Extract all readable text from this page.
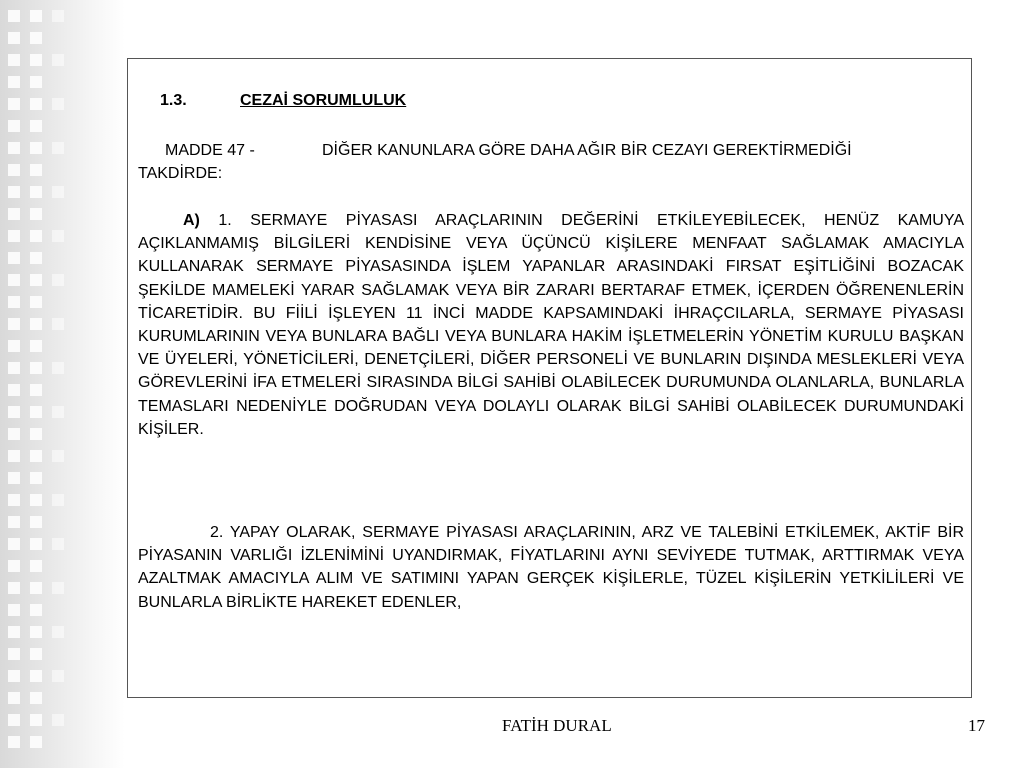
1.3.	CEZAİ SORUMLULUK
MADDE 47 -	DİĞER KANUNLARA GÖRE DAHA AĞIR BİR CEZAYI GEREKTİRMEDİĞİ
TAKDİRDE:
A) 1. SERMAYE PİYASASI ARAÇLARININ DEĞERİNİ ETKİLEYEBİLECEK, HENÜZ KAMUYA AÇIKLANMAMIŞ BİLGİLERİ KENDİSİNE VEYA ÜÇÜNCÜ KİŞİLERE MENFAAT SAĞLAMAK AMACIYLA KULLANARAK SERMAYE PİYASASINDA İŞLEM YAPANLAR ARASINDAKİ FIRSAT EŞİTLİĞİNİ BOZACAK ŞEKİLDE MAMELEKİ YARAR SAĞLAMAK VEYA BİR ZARARI BERTARAF ETMEK, İÇERDEN ÖĞRENENLERİN TİCARETİDİR. BU FİİLİ İŞLEYEN 11 İNCİ MADDE KAPSAMINDAKİ İHRAÇCILARLA, SERMAYE PİYASASI KURUMLARININ VEYA BUNLARA BAĞLI VEYA BUNLARA HAKİM İŞLETMELERİN YÖNETİM KURULU BAŞKAN VE ÜYELERİ, YÖNETİCİLERİ, DENETÇİLERİ, DİĞER PERSONELİ VE BUNLARIN DIŞINDA MESLEKLERİ VEYA GÖREVLERİNİ İFA ETMELERİ SIRASINDA BİLGİ SAHİBİ OLABİLECEK DURUMUNDA OLANLARLA, BUNLARLA TEMASLARI NEDENİYLE DOĞRUDAN VEYA DOLAYLI OLARAK BİLGİ SAHİBİ OLABİLECEK DURUMUNDAKİ KİŞİLER.
2. YAPAY OLARAK, SERMAYE PİYASASI ARAÇLARININ, ARZ VE TALEBİNİ ETKİLEMEK, AKTİF BİR PİYASANIN VARLIĞI İZLENİMİNİ UYANDIRMAK, FİYATLARINI AYNI SEVİYEDE TUTMAK, ARTTIRMAK VEYA AZALTMAK AMACIYLA ALIM VE SATIMINI YAPAN GERÇEK KİŞİLERLE, TÜZEL KİŞİLERİN YETKİLİLERİ VE BUNLARLA BİRLİKTE HAREKET EDENLER,
FATİH DURAL	17
